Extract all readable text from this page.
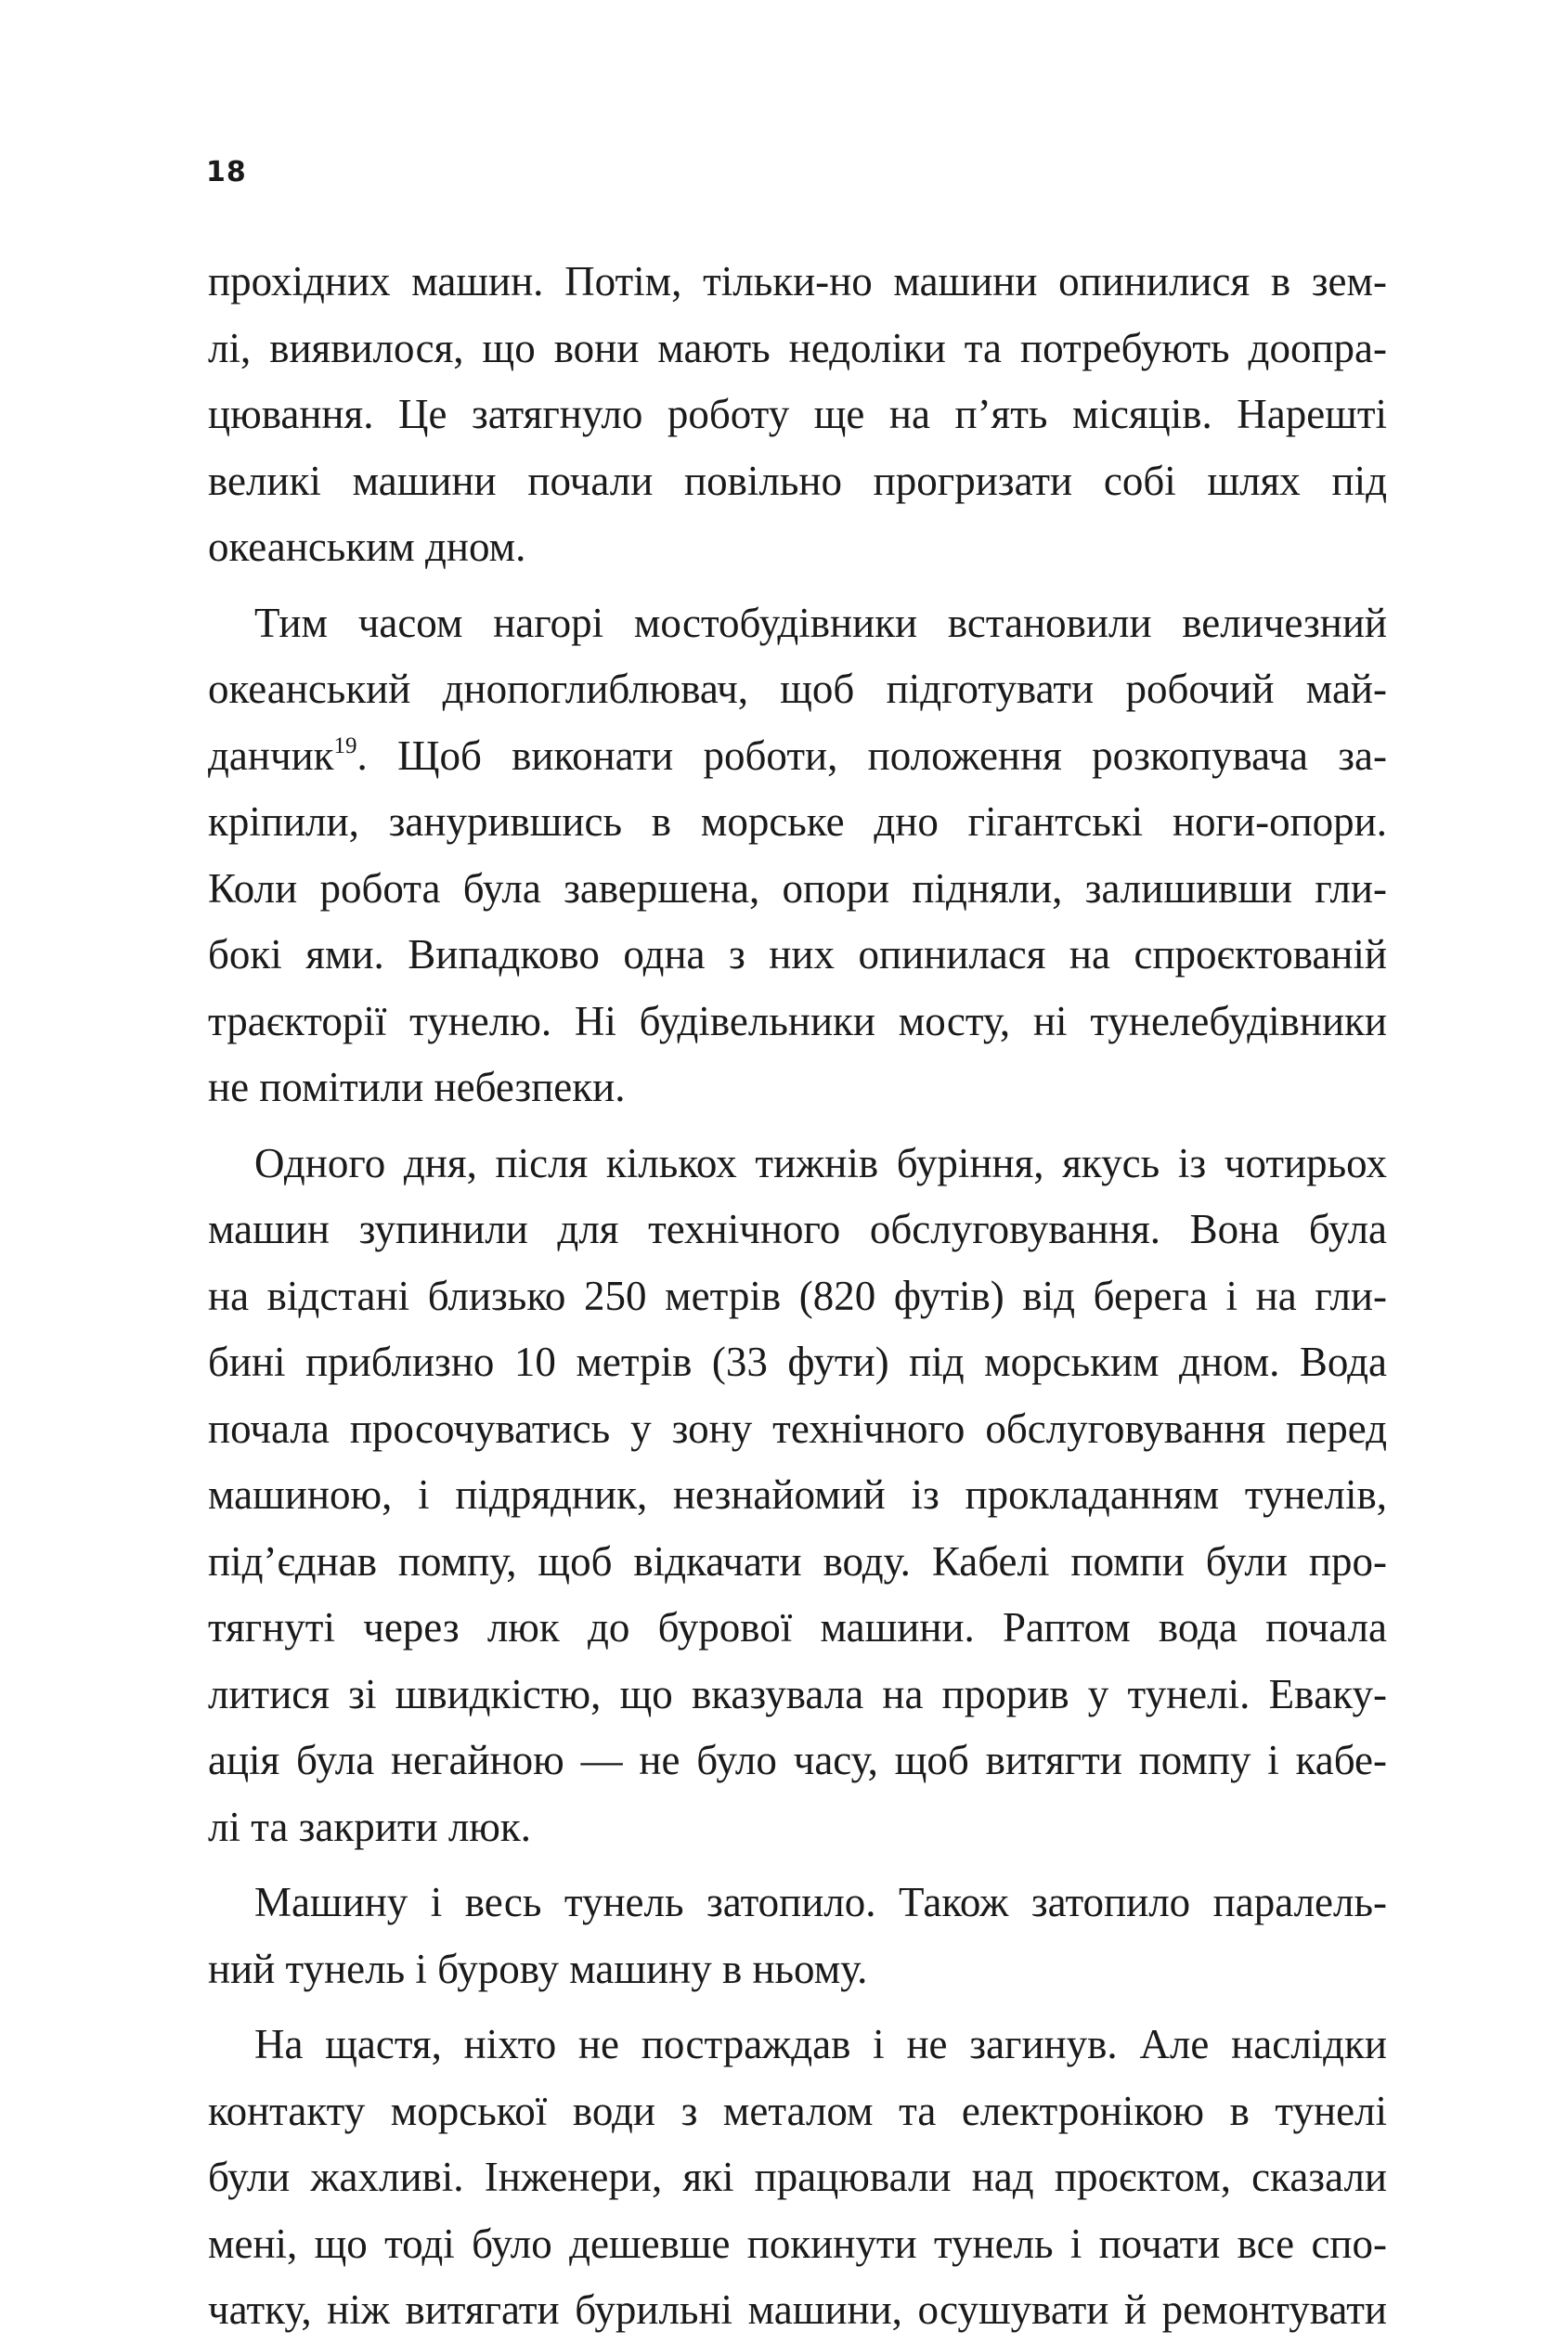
18
прохідних машин. Потім, тільки-но машини опинилися в зем-
лі, виявилося, що вони мають недоліки та потребують доопра-
цювання. Це затягнуло роботу ще на п’ять місяців. Нарешті
великі машини почали повільно прогризати собі шлях під
океанським дном.
Тим часом нагорі мостобудівники встановили величезний
океанський днопоглиблювач, щоб підготувати робочий май-
данчик$^{19}$. Щоб виконати роботи, положення розкопувача за-
кріпили, занурившись в морське дно гігантські ноги-опори.
Коли робота була завершена, опори підняли, залишивши гли-
бокі ями. Випадково одна з них опинилася на спроєктованій
траєкторії тунелю. Ні будівельники мосту, ні тунелебудівники
не помітили небезпеки.
Одного дня, після кількох тижнів буріння, якусь із чотирьох
машин зупинили для технічного обслуговування. Вона була
на відстані близько 250 метрів (820 футів) від берега і на гли-
бині приблизно 10 метрів (33 фути) під морським дном. Вода
почала просочуватись у зону технічного обслуговування перед
машиною, і підрядник, незнайомий із прокладанням тунелів,
під’єднав помпу, щоб відкачати воду. Кабелі помпи були про-
тягнуті через люк до бурової машини. Раптом вода почала
литися зі швидкістю, що вказувала на прорив у тунелі. Евaку-
ація була негайною — не було часу, щоб витягти помпу і кабе-
лі та закрити люк.
Машину і весь тунель затопило. Також затопило паралель-
ний тунель і бурову машину в ньому.
На щастя, ніхто не постраждав і не загинув. Але наслідки
контакту морської води з металом та електронікою в тунелі
були жахливі. Інженери, які працювали над проєктом, сказали
мені, що тоді було дешевше покинути тунель і почати все спо-
чатку, ніж витягати бурильні машини, осушувати й ремонтувати
